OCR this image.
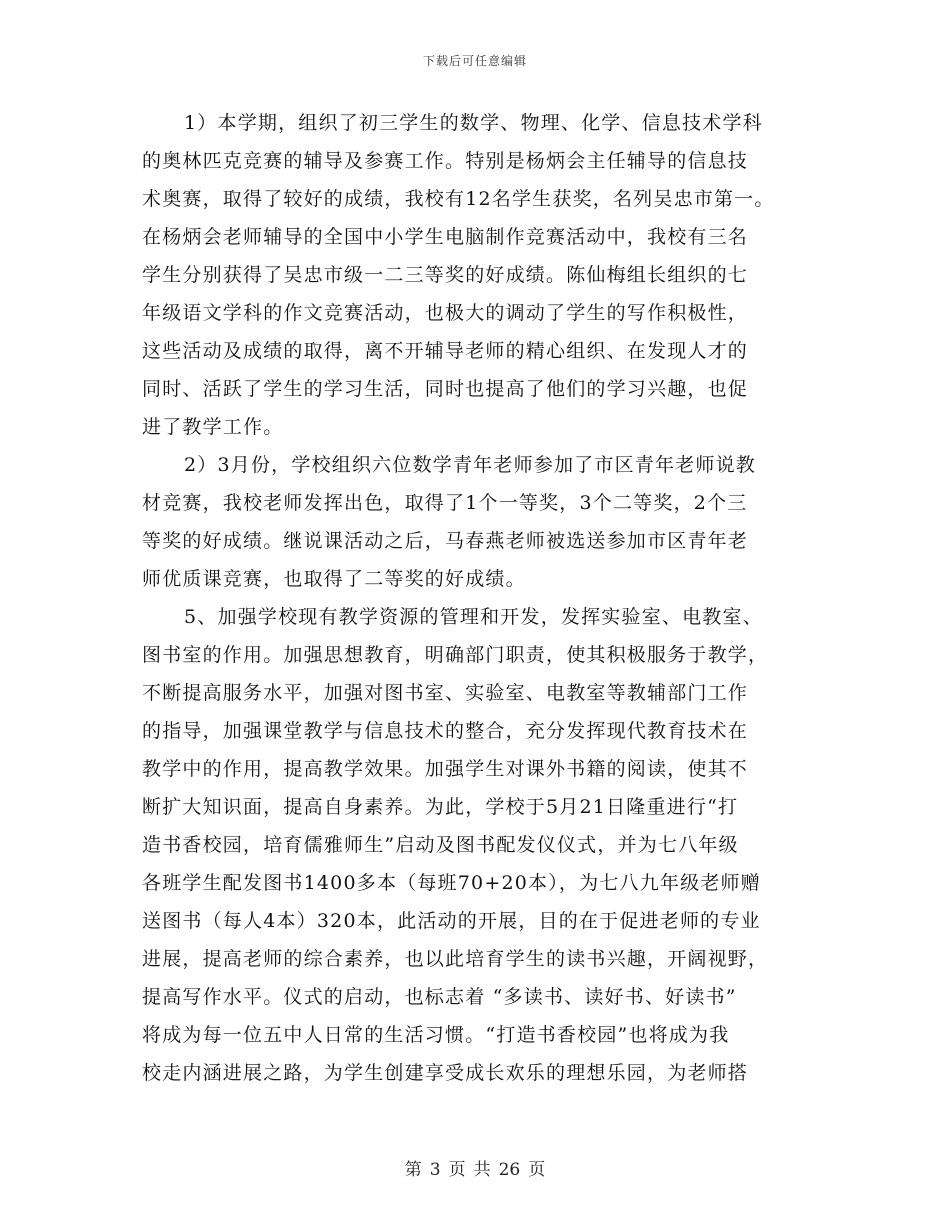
下载后可任意编辑
1）本学期，组织了初三学生的数学、物理、化学、信息技术学科
的奥林匹克竞赛的辅导及参赛工作。特别是杨炳会主任辅导的信息技
术奥赛，取得了较好的成绩，我校有12名学生获奖，名列吴忠市第一。
在杨炳会老师辅导的全国中小学生电脑制作竞赛活动中，我校有三名
学生分别获得了吴忠市级一二三等奖的好成绩。陈仙梅组长组织的七
年级语文学科的作文竞赛活动，也极大的调动了学生的写作积极性，
这些活动及成绩的取得，离不开辅导老师的精心组织、在发现人才的
同时、活跃了学生的学习生活，同时也提高了他们的学习兴趣，也促
进了教学工作。
2）3月份，学校组织六位数学青年老师参加了市区青年老师说教
材竞赛，我校老师发挥出色，取得了1个一等奖，3个二等奖，2个三
等奖的好成绩。继说课活动之后，马春燕老师被选送参加市区青年老
师优质课竞赛，也取得了二等奖的好成绩。
5、加强学校现有教学资源的管理和开发，发挥实验室、电教室、
图书室的作用。加强思想教育，明确部门职责，使其积极服务于教学，
不断提高服务水平，加强对图书室、实验室、电教室等教辅部门工作
的指导，加强课堂教学与信息技术的整合，充分发挥现代教育技术在
教学中的作用，提高教学效果。加强学生对课外书籍的阅读，使其不
断扩大知识面，提高自身素养。为此，学校于5月21日隆重进行“打
造书香校园，培育儒雅师生”启动及图书配发仪仪式，并为七八年级
各班学生配发图书1400多本（每班70+20本），为七八九年级老师赠
送图书（每人4本）320本，此活动的开展，目的在于促进老师的专业
进展，提高老师的综合素养，也以此培育学生的读书兴趣，开阔视野，
提高写作水平。仪式的启动，也标志着 “多读书、读好书、好读书”
将成为每一位五中人日常的生活习惯。“打造书香校园”也将成为我
校走内涵进展之路，为学生创建享受成长欢乐的理想乐园，为老师搭
第 3 页 共 26 页
